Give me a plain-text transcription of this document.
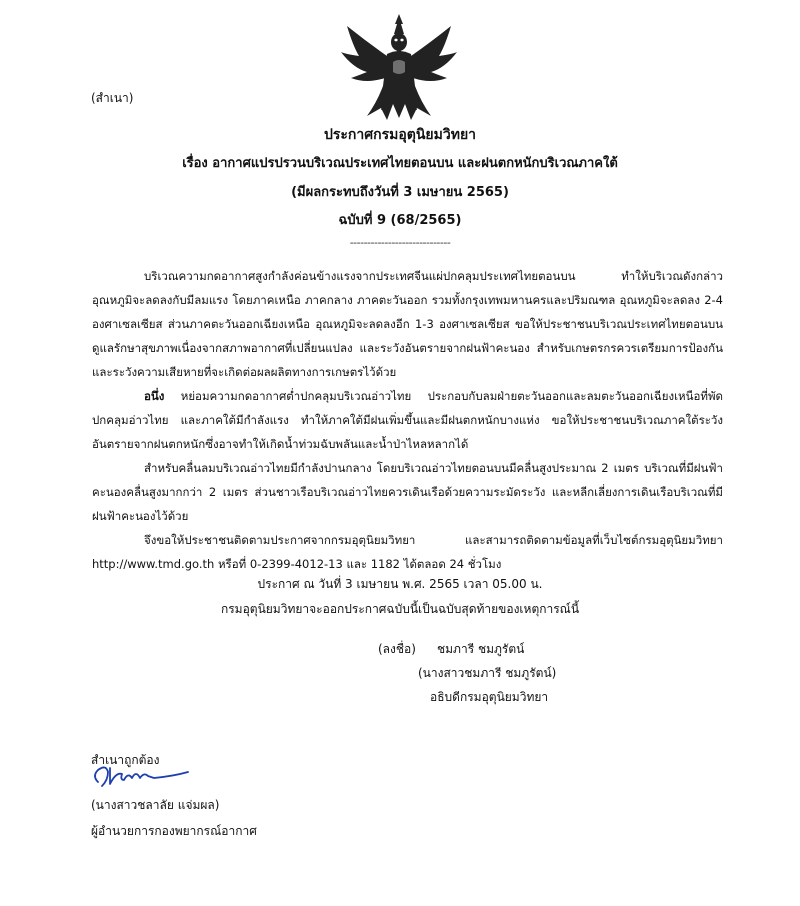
(สำเนา)
ประกาศกรมอุตุนิยมวิทยา
เรื่อง อากาศแปรปรวนบริเวณประเทศไทยตอนบน และฝนตกหนักบริเวณภาคใต้
(มีผลกระทบถึงวันที่ 3 เมษายน 2565)
ฉบับที่ 9 (68/2565)
-----------------------------
บริเวณความกดอากาศสูงกำลังค่อนข้างแรงจากประเทศจีนแผ่ปกคลุมประเทศไทยตอนบน ทำให้บริเวณดังกล่าว อุณหภูมิจะลดลงกับมีลมแรง โดยภาคเหนือ ภาคกลาง ภาคตะวันออก รวมทั้งกรุงเทพมหานครและปริมณฑล อุณหภูมิจะลดลง 2-4 องศาเซลเซียส ส่วนภาคตะวันออกเฉียงเหนือ อุณหภูมิจะลดลงอีก 1-3 องศาเซลเซียส ขอให้ประชาชนบริเวณประเทศไทยตอนบนดูแลรักษาสุขภาพเนื่องจากสภาพอากาศที่เปลี่ยนแปลง และระวังอันตรายจากฝนฟ้าคะนอง สำหรับเกษตรกรควรเตรียมการป้องกันและระวังความเสียหายที่จะเกิดต่อผลผลิตทางการเกษตรไว้ด้วย
อนึ่ง หย่อมความกดอากาศต่ำปกคลุมบริเวณอ่าวไทย ประกอบกับลมฝ่ายตะวันออกและลมตะวันออกเฉียงเหนือที่พัดปกคลุมอ่าวไทย และภาคใต้มีกำลังแรง ทำให้ภาคใต้มีฝนเพิ่มขึ้นและมีฝนตกหนักบางแห่ง ขอให้ประชาชนบริเวณภาคใต้ระวังอันตรายจากฝนตกหนักซึ่งอาจทำให้เกิดน้ำท่วมฉับพลันและน้ำป่าไหลหลากได้
สำหรับคลื่นลมบริเวณอ่าวไทยมีกำลังปานกลาง โดยบริเวณอ่าวไทยตอนบนมีคลื่นสูงประมาณ 2 เมตร บริเวณที่มีฝนฟ้าคะนองคลื่นสูงมากกว่า 2 เมตร ส่วนชาวเรือบริเวณอ่าวไทยควรเดินเรือด้วยความระมัดระวัง และหลีกเลี่ยงการเดินเรือบริเวณที่มีฝนฟ้าคะนองไว้ด้วย
จึงขอให้ประชาชนติดตามประกาศจากกรมอุตุนิยมวิทยา และสามารถติดตามข้อมูลที่เว็บไซต์กรมอุตุนิยมวิทยา http://www.tmd.go.th หรือที่ 0-2399-4012-13 และ 1182 ได้ตลอด 24 ชั่วโมง
ประกาศ ณ วันที่ 3 เมษายน พ.ศ. 2565 เวลา 05.00 น.
กรมอุตุนิยมวิทยาจะออกประกาศฉบับนี้เป็นฉบับสุดท้ายของเหตุการณ์นี้
(ลงชื่อ) ชมภารี ชมภูรัตน์
(นางสาวชมภารี ชมภูรัตน์)
อธิบดีกรมอุตุนิยมวิทยา
สำเนาถูกต้อง
(นางสาวชลาลัย แจ่มผล)
ผู้อำนวยการกองพยากรณ์อากาศ
